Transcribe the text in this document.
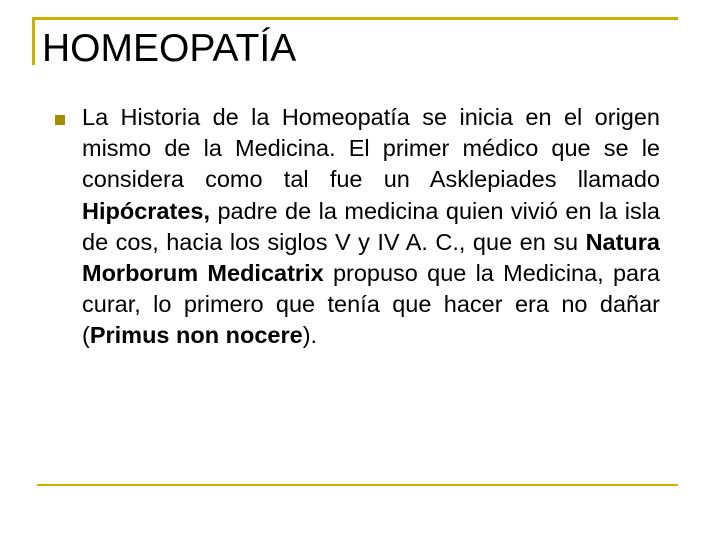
HOMEOPATÍA

La Historia de la Homeopatía se inicia en el origen mismo de la Medicina. El primer médico que se le considera como tal fue un Asklepiades llamado Hipócrates, padre de la medicina quien vivió en la isla de cos, hacia los siglos V y IV A. C., que en su Natura Morborum Medicatrix propuso que la Medicina, para curar, lo primero que tenía que hacer era no dañar (Primus non nocere).
